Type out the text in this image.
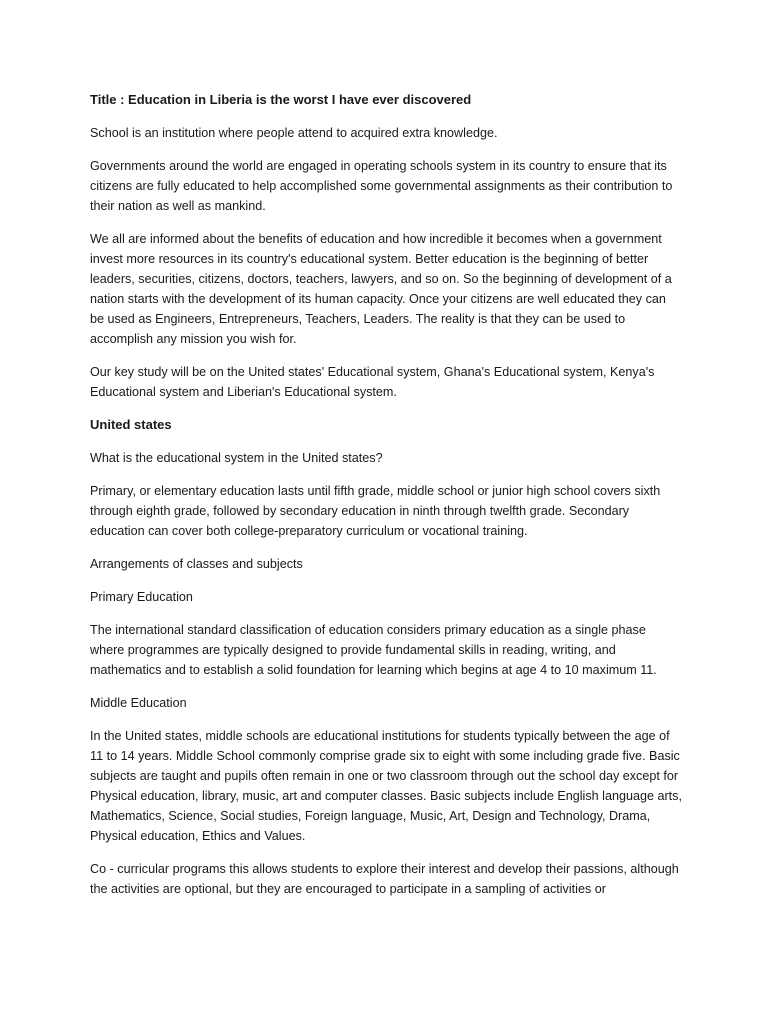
Title : Education in Liberia is the worst I have ever discovered

School is an institution where people attend to acquired extra knowledge.

Governments around the world are engaged in operating schools system in its country to ensure that its citizens are fully educated to help accomplished some governmental assignments as their contribution to their nation as well as mankind.

We all are informed about the benefits of education and how incredible it becomes when a government invest more resources in its country's educational system. Better education is the beginning of better leaders, securities, citizens, doctors, teachers, lawyers, and so on. So the beginning of development of a nation starts with the development of its human capacity. Once your citizens are well educated they can be used as Engineers, Entrepreneurs, Teachers, Leaders. The reality is that they can be used to accomplish any mission you wish for.

Our key study will be on the United states' Educational system, Ghana's Educational system, Kenya's Educational system and Liberian's Educational system.

United states

What is the educational system in the United states?

Primary, or elementary education lasts until fifth grade, middle school or junior high school covers sixth through eighth grade, followed by secondary education in ninth through twelfth grade. Secondary education can cover both college-preparatory curriculum or vocational training.

Arrangements of classes and subjects

Primary Education

The international standard classification of education considers primary education as a single phase where programmes are typically designed to provide fundamental skills in reading, writing, and mathematics and to establish a solid foundation for learning which begins at age 4 to 10 maximum 11.

Middle Education

In the United states, middle schools are educational institutions for students typically between the age of 11 to 14 years. Middle School commonly comprise grade six to eight with some including grade five. Basic subjects are taught and pupils often remain in one or two classroom through out the school day except for Physical education, library, music, art and computer classes. Basic subjects include English language arts, Mathematics, Science, Social studies, Foreign language, Music, Art, Design and Technology, Drama, Physical education, Ethics and Values.

Co - curricular programs this allows students to explore their interest and develop their passions, although the activities are optional, but they are encouraged to participate in a sampling of activities or
